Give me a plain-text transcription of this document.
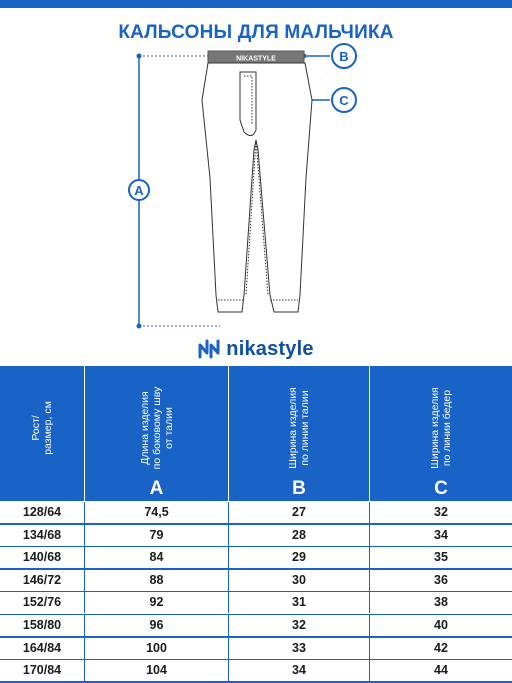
КАЛЬСОНЫ ДЛЯ МАЛЬЧИКА
NIKASTYLE
A
B
C
nikastyle
Рост/
размер, см	Длина изделия
по боковому шву
от талии
A
Ширина изделия
по линии талии
B
Ширина изделия
по линии бедер
C
128/64	74,5	27	32
134/68	79	28	34
140/68	84	29	35
146/72	88	30	36
152/76	92	31	38
158/80	96	32	40
164/84	100	33	42
170/84	104	34	44
